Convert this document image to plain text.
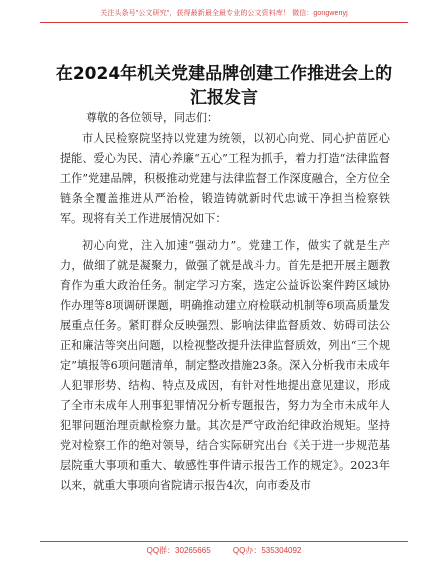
关注头条号"公文研究"，获得最新最全最专业的公文资料库！ 微信：gongwenyj
在2024年机关党建品牌创建工作推进会上的汇报发言
尊敬的各位领导，同志们：

市人民检察院坚持以党建为统领，以初心向党、同心护苗匠心提能、爱心为民、清心养廉“五心”工程为抓手，着力打造“法律监督工作”党建品牌，积极推动党建与法律监督工作深度融合，全方位全链条全覆盖推进从严治检，锻造铸就新时代忠诚干净担当检察铁军。现将有关工作进展情况如下：

初心向党，注入加速“强动力”。党建工作，做实了就是生产力，做细了就是凝聚力，做强了就是战斗力。首先是把开展主题教育作为重大政治任务。制定学习方案，选定公益诉讼案件跨区域协作办理等8项调研课题，明确推动建立府检联动机制等6项高质量发展重点任务。紧盯群众反映强烈、影响法律监督质效、妨碍司法公正和廉洁等突出问题，以检视整改提升法律监督质效，列出“三个规定”填报等6项问题清单，制定整改措施23条。深入分析我市未成年人犯罪形势、结构、特点及成因，有针对性地提出意见建议，形成了全市未成年人刑事犯罪情况分析专题报告，努力为全市未成年人犯罪问题治理贡献检察力量。其次是严守政治纪律政治规矩。坚持党对检察工作的绝对领导，结合实际研究出台《关于进一步规范基层院重大事项和重大、敏感性事件请示报告工作的规定》。2023年以来，就重大事项向省院请示报告4次，向市委及市

QQ群：30265665	QQ办：535304092
